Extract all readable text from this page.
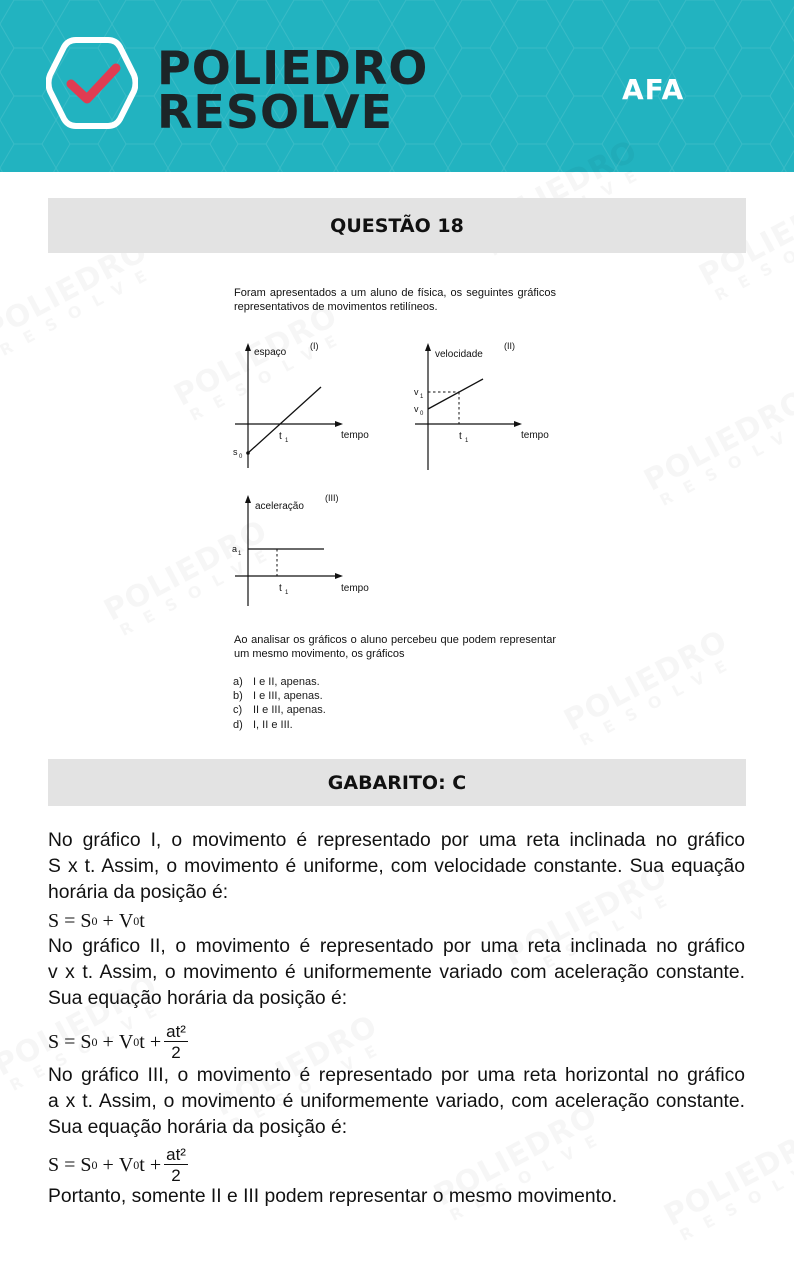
POLIEDRO
RESOLVE	AFA
QUESTÃO 18
Foram apresentados a um aluno de física, os seguintes gráficos representativos de movimentos retilíneos.
espaço
(I)
tempo
t 1
s 0
velocidade
(II)
tempo
t 1
v 1
v 0
aceleração
(III)
tempo
t 1
a 1
Ao analisar os gráficos o aluno percebeu que podem representar um mesmo movimento, os gráficos
a) I e II, apenas.
b) I e III, apenas.
c) II e III, apenas.
d) I, II e III.
GABARITO: C
No gráfico I, o movimento é representado por uma reta inclinada no gráfico
S x t. Assim, o movimento é uniforme, com velocidade constante. Sua equação
horária da posição é:
S
=
S 0
+
V 0 t
No gráfico II, o movimento é representado por uma reta inclinada no gráfico
v x t. Assim, o movimento é uniformemente variado com aceleração constante.
Sua equação horária da posição é:
S
=
S 0
+
V 0 t
+ $\frac{\text{at²}}{2}$
No gráfico III, o movimento é representado por uma reta horizontal no gráfico
a x t. Assim, o movimento é uniformemente variado, com aceleração constante.
Sua equação horária da posição é:
S
=
S 0
+
V 0 t
+ $\frac{\text{at²}}{2}$
Portanto, somente II e III podem representar o mesmo movimento.
